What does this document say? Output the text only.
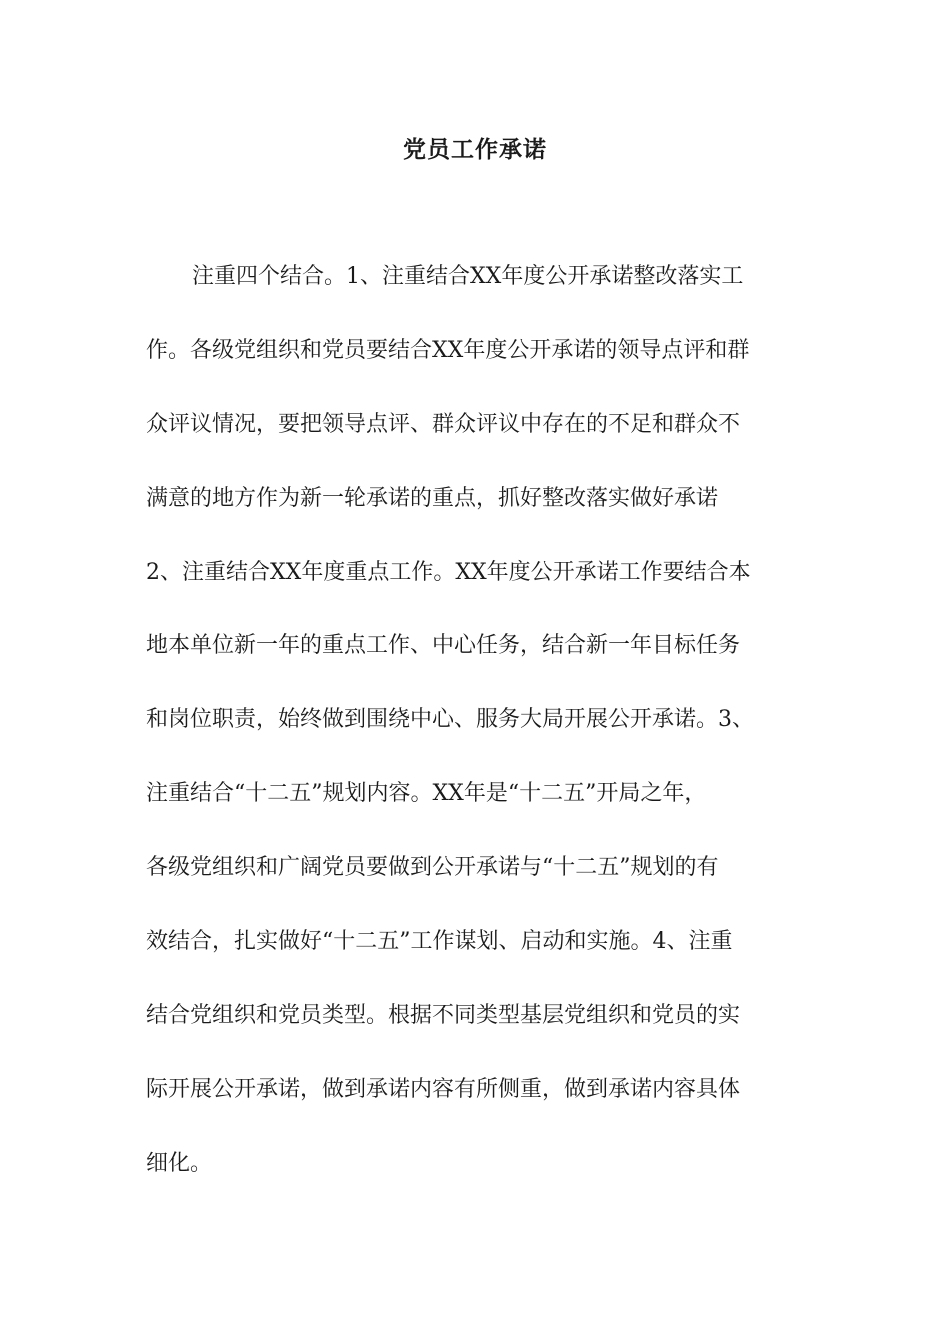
党员工作承诺
注重四个结合。1、注重结合XX年度公开承诺整改落实工
作。各级党组织和党员要结合XX年度公开承诺的领导点评和群
众评议情况，要把领导点评、群众评议中存在的不足和群众不
满意的地方作为新一轮承诺的重点，抓好整改落实做好承诺
2、注重结合XX年度重点工作。XX年度公开承诺工作要结合本
地本单位新一年的重点工作、中心任务，结合新一年目标任务
和岗位职责，始终做到围绕中心、服务大局开展公开承诺。3、
注重结合“十二五”规划内容。XX年是“十二五”开局之年，
各级党组织和广阔党员要做到公开承诺与“十二五”规划的有
效结合，扎实做好“十二五”工作谋划、启动和实施。4、注重
结合党组织和党员类型。根据不同类型基层党组织和党员的实
际开展公开承诺，做到承诺内容有所侧重，做到承诺内容具体
细化。
